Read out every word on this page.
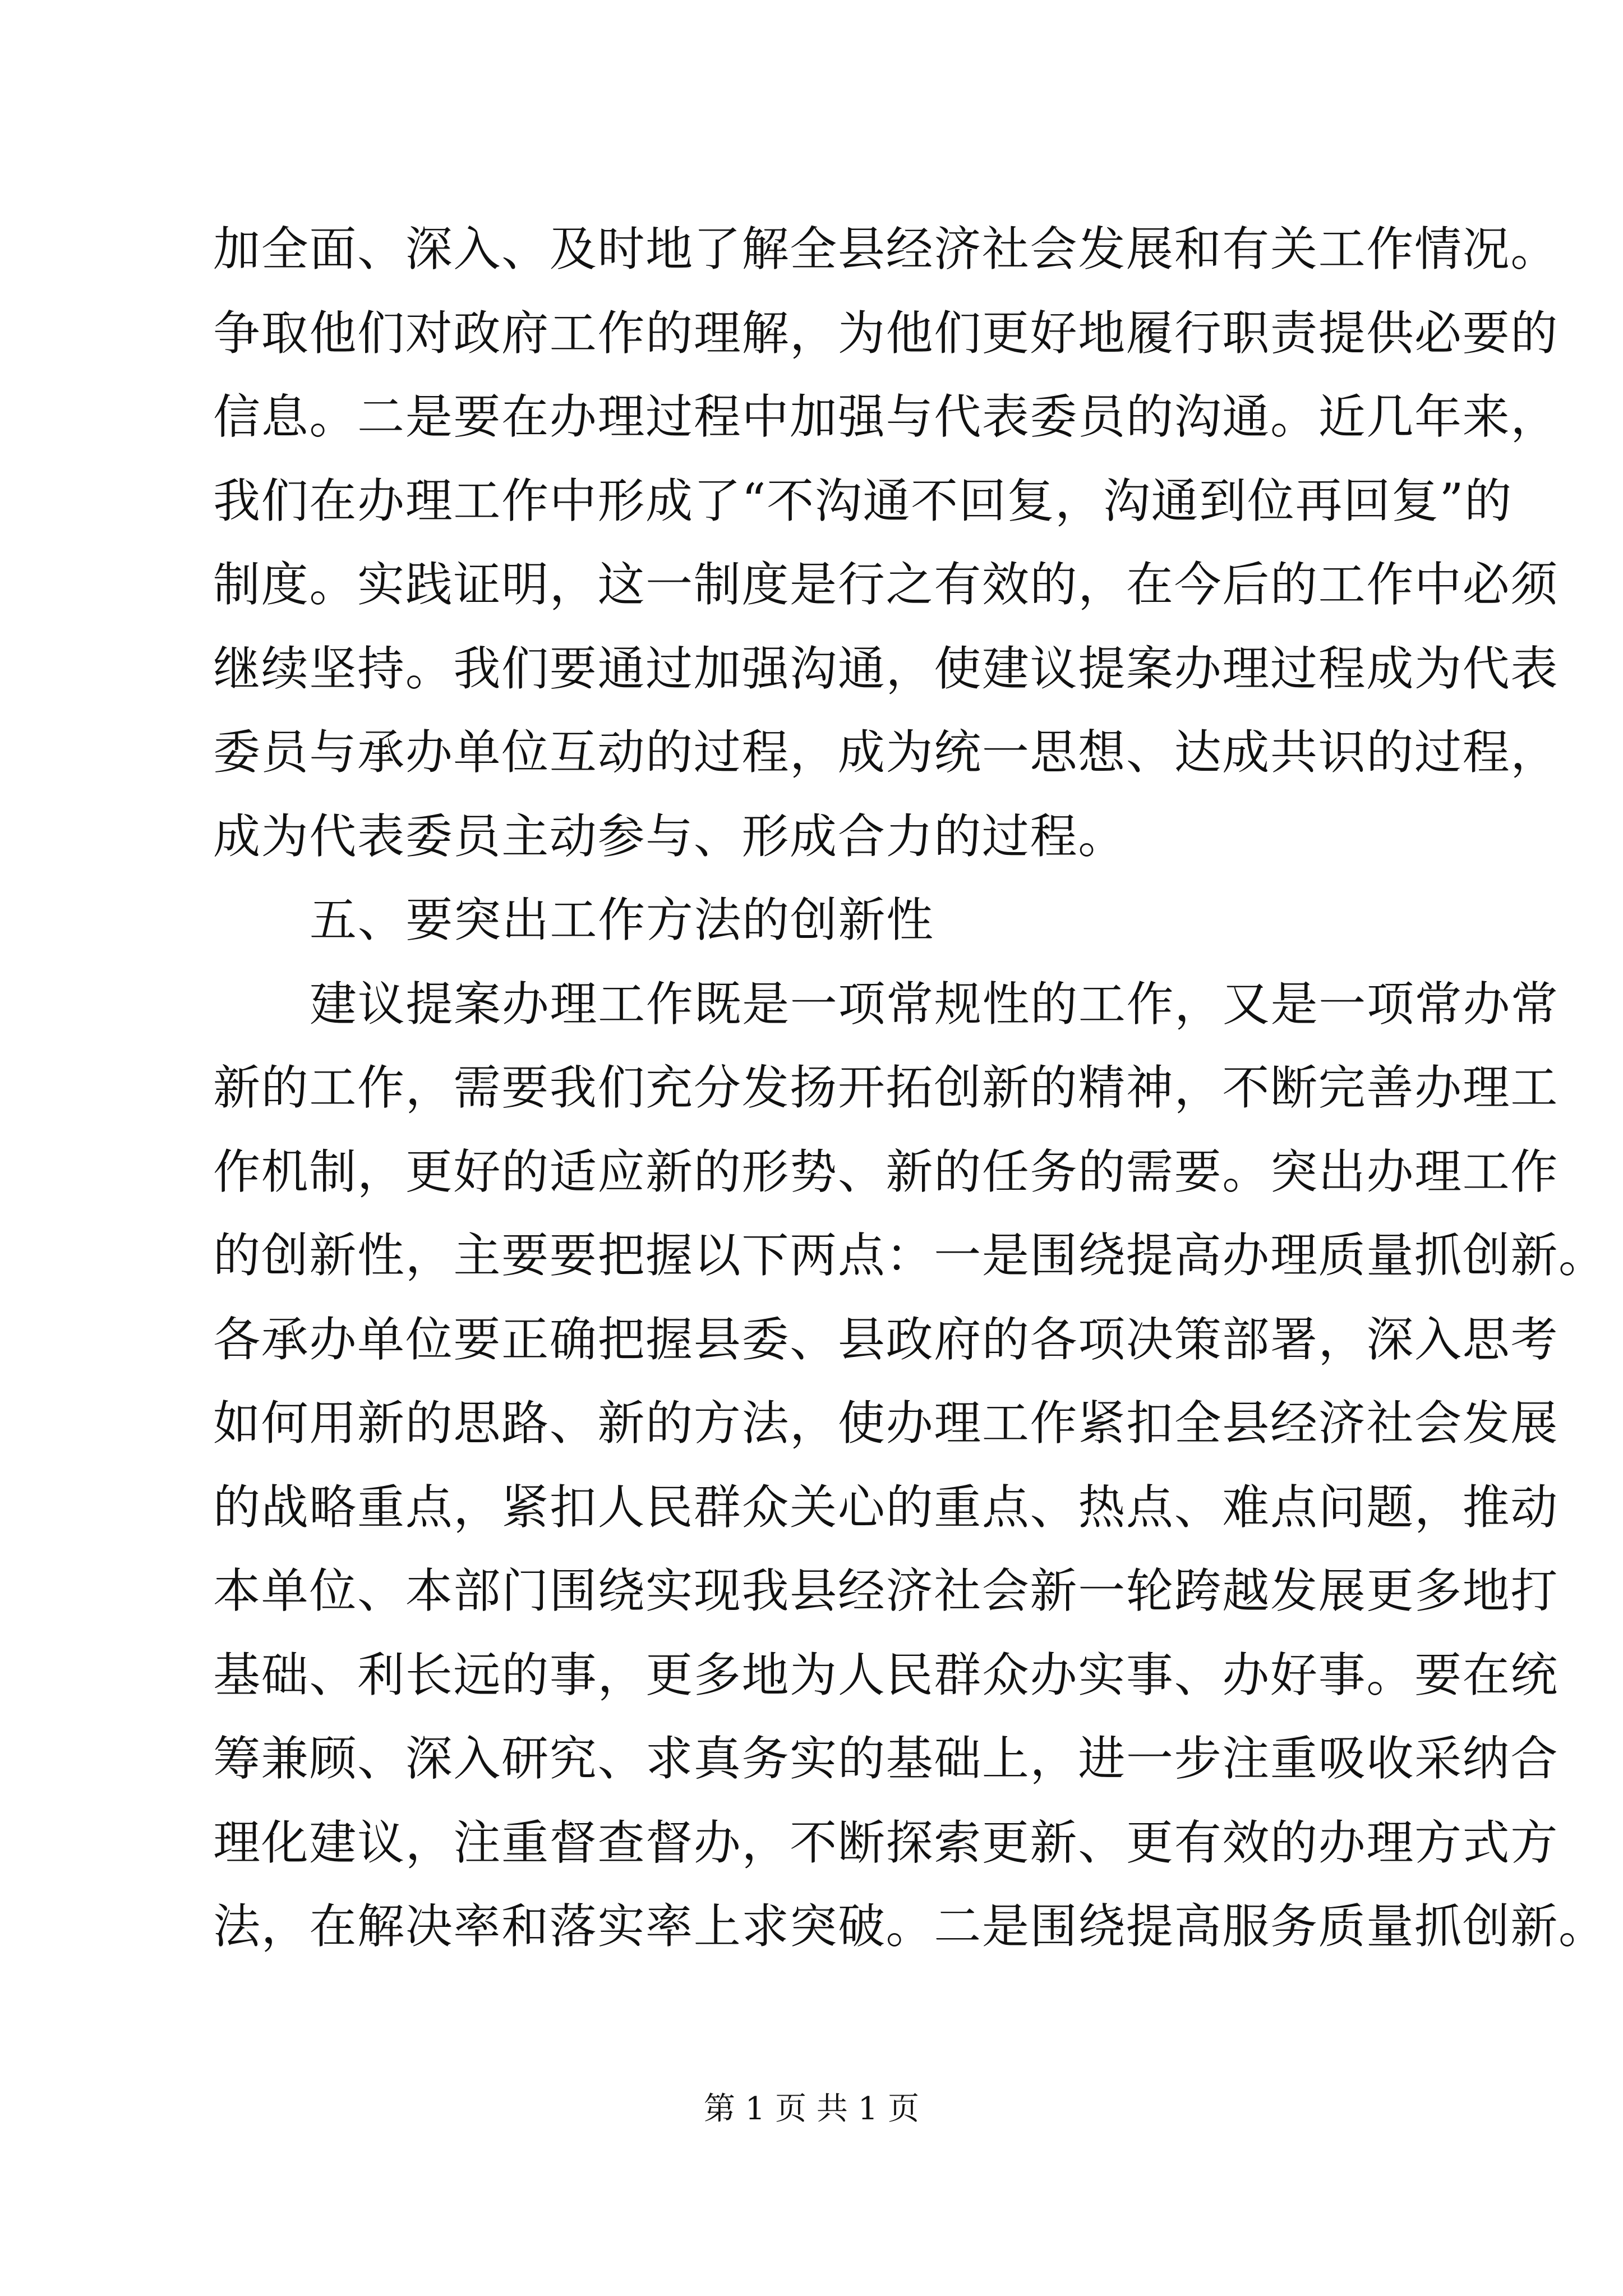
加全面、深入、及时地了解全县经济社会发展和有关工作情况。
争取他们对政府工作的理解，为他们更好地履行职责提供必要的
信息。二是要在办理过程中加强与代表委员的沟通。近几年来，
我们在办理工作中形成了“不沟通不回复，沟通到位再回复”的
制度。实践证明，这一制度是行之有效的，在今后的工作中必须
继续坚持。我们要通过加强沟通，使建议提案办理过程成为代表
委员与承办单位互动的过程，成为统一思想、达成共识的过程，
成为代表委员主动参与、形成合力的过程。
五、要突出工作方法的创新性
建议提案办理工作既是一项常规性的工作，又是一项常办常
新的工作，需要我们充分发扬开拓创新的精神，不断完善办理工
作机制，更好的适应新的形势、新的任务的需要。突出办理工作
的创新性，主要要把握以下两点：一是围绕提高办理质量抓创新。
各承办单位要正确把握县委、县政府的各项决策部署，深入思考
如何用新的思路、新的方法，使办理工作紧扣全县经济社会发展
的战略重点，紧扣人民群众关心的重点、热点、难点问题，推动
本单位、本部门围绕实现我县经济社会新一轮跨越发展更多地打
基础、利长远的事，更多地为人民群众办实事、办好事。要在统
筹兼顾、深入研究、求真务实的基础上，进一步注重吸收采纳合
理化建议，注重督查督办，不断探索更新、更有效的办理方式方
法，在解决率和落实率上求突破。二是围绕提高服务质量抓创新。
第 1 页 共 1 页
